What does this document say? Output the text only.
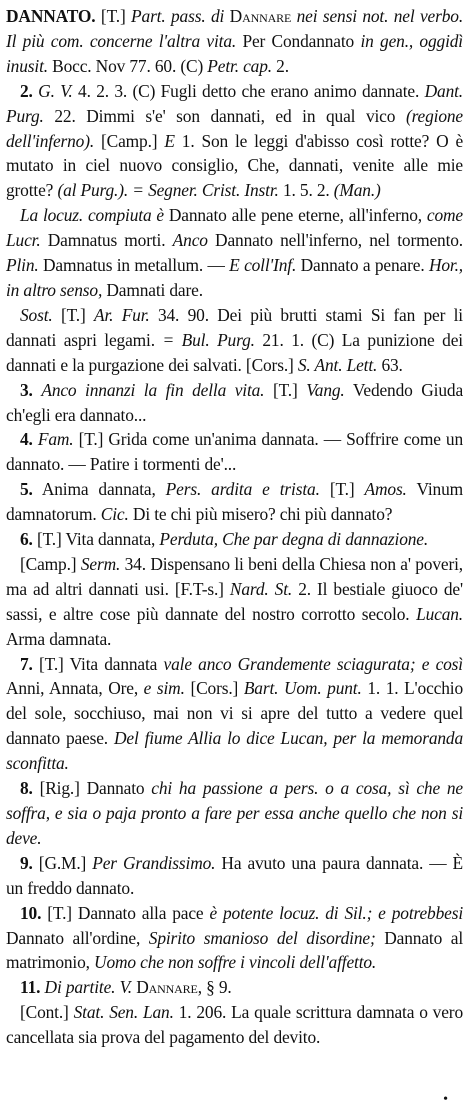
DANNATO. [T.] Part. pass. di Dannare nei sensi not. nel verbo. Il più com. concerne l'altra vita. Per Condannato in gen., oggidì inusit. Bocc. Nov 77. 60. (C) Petr. cap. 2.

2. G. V. 4. 2. 3. (C) Fugli detto che erano animo dannate. Dant. Purg. 22. Dimmi s'e' son dannati, ed in qual vico (regione dell'inferno). [Camp.] E 1. Son le leggi d'abisso così rotte? O è mutato in ciel nuovo consiglio, Che, dannati, venite alle mie grotte? (al Purg.). = Segner. Crist. Instr. 1. 5. 2. (Man.)

La locuz. compiuta è Dannato alle pene eterne, all'inferno, come Lucr. Damnatus morti. Anco Dannato nell'inferno, nel tormento. Plin. Damnatus in metallum. — E coll'Inf. Dannato a penare. Hor., in altro senso, Damnati dare.

Sost. [T.] Ar. Fur. 34. 90. Dei più brutti stami Si fan per li dannati aspri legami. = Bul. Purg. 21. 1. (C) La punizione dei dannati e la purgazione dei salvati. [Cors.] S. Ant. Lett. 63.

3. Anco innanzi la fin della vita. [T.] Vang. Vedendo Giuda ch'egli era dannato...

4. Fam. [T.] Grida come un'anima dannata. — Soffrire come un dannato. — Patire i tormenti de'...

5. Anima dannata, Pers. ardita e trista. [T.] Amos. Vinum damnatorum. Cic. Di te chi più misero? chi più dannato?

6. [T.] Vita dannata, Perduta, Che par degna di dannazione.

[Camp.] Serm. 34. Dispensano li beni della Chiesa non a' poveri, ma ad altri dannati usi. [F.T-s.] Nard. St. 2. Il bestiale giuoco de' sassi, e altre cose più dannate del nostro corrotto secolo. Lucan. Arma damnata.

7. [T.] Vita dannata vale anco Grandemente sciagurata; e così Anni, Annata, Ore, e sim. [Cors.] Bart. Uom. punt. 1. 1. L'occhio del sole, socchiuso, mai non vi si apre del tutto a vedere quel dannato paese. Del fiume Allia lo dice Lucan, per la memoranda sconfitta.

8. [Rig.] Dannato chi ha passione a pers. o a cosa, sì che ne soffra, e sia o paja pronto a fare per essa anche quello che non si deve.

9. [G.M.] Per Grandissimo. Ha avuto una paura dannata. — È un freddo dannato.

10. [T.] Dannato alla pace è potente locuz. di Sil.; e potrebbesi Dannato all'ordine, Spirito smanioso del disordine; Dannato al matrimonio, Uomo che non soffre i vincoli dell'affetto.

11. Di partite. V. Dannare, § 9.

[Cont.] Stat. Sen. Lan. 1. 206. La quale scrittura damnata o vero cancellata sia prova del pagamento del devito.

•
